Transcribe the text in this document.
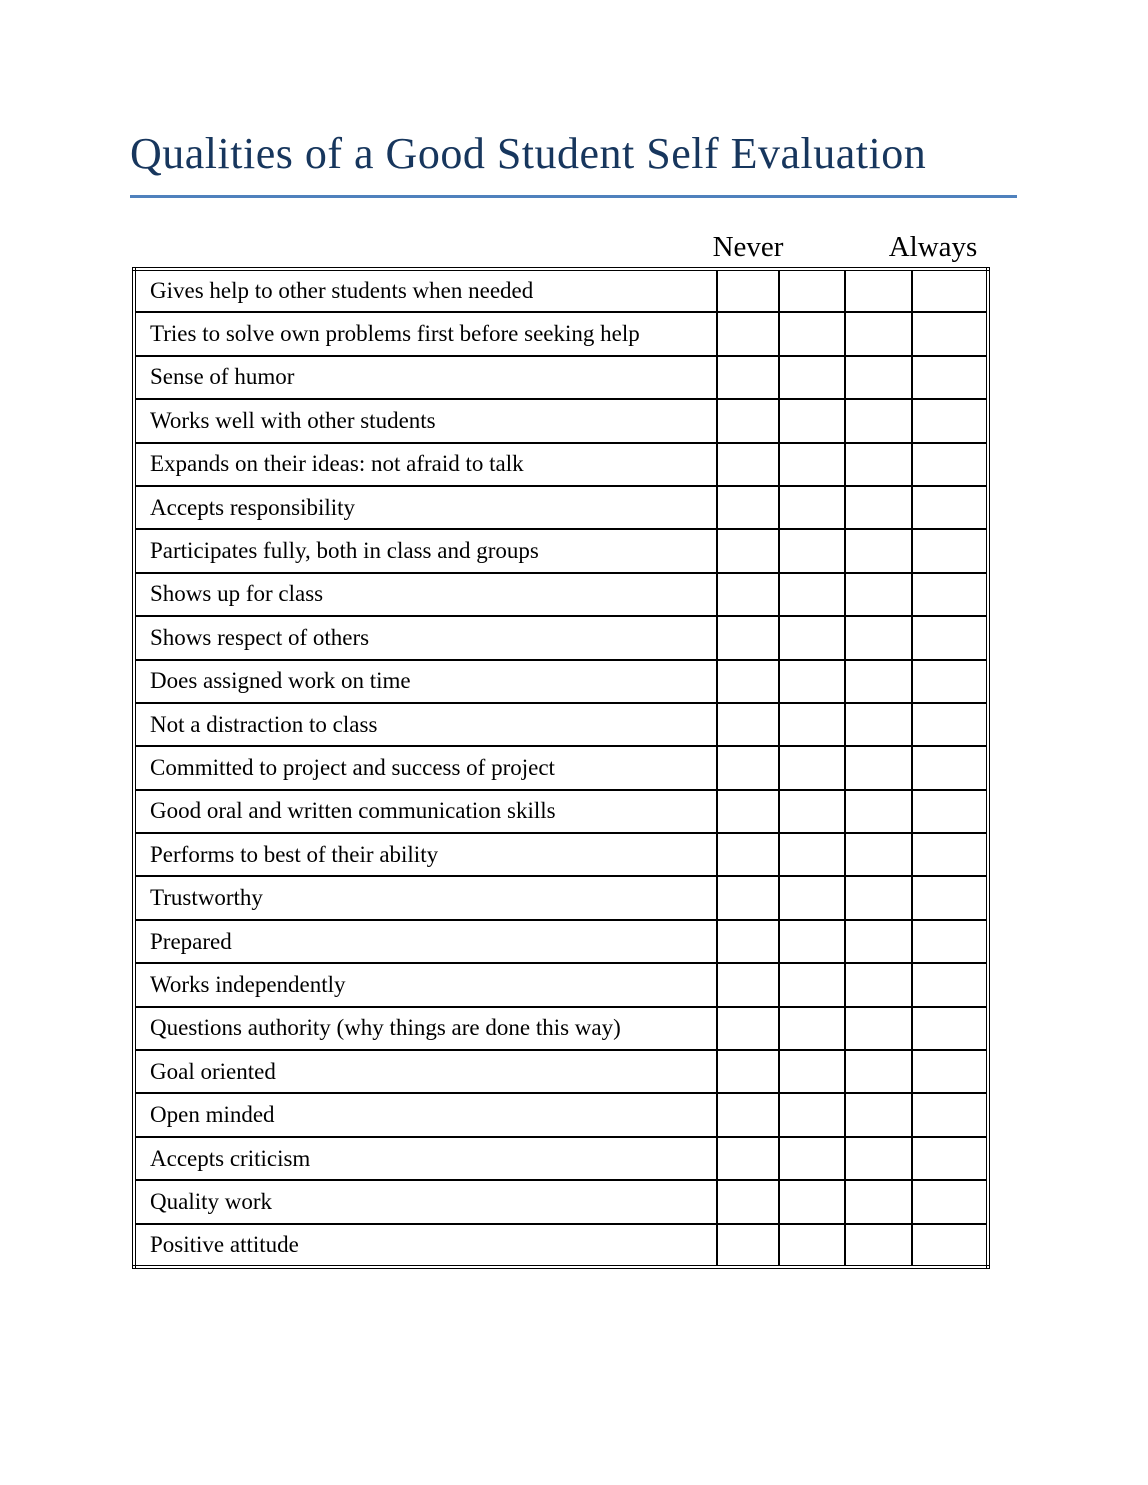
Qualities of a Good Student Self Evaluation
Never	Always
Gives help to other students when needed				
Tries to solve own problems first before seeking help				
Sense of humor				
Works well with other students				
Expands on their ideas: not afraid to talk				
Accepts responsibility				
Participates fully, both in class and groups				
Shows up for class				
Shows respect of others				
Does assigned work on time				
Not a distraction to class				
Committed to project and success of project				
Good oral and written communication skills				
Performs to best of their ability				
Trustworthy				
Prepared				
Works independently				
Questions authority (why things are done this way)				
Goal oriented				
Open minded				
Accepts criticism				
Quality work				
Positive attitude				
